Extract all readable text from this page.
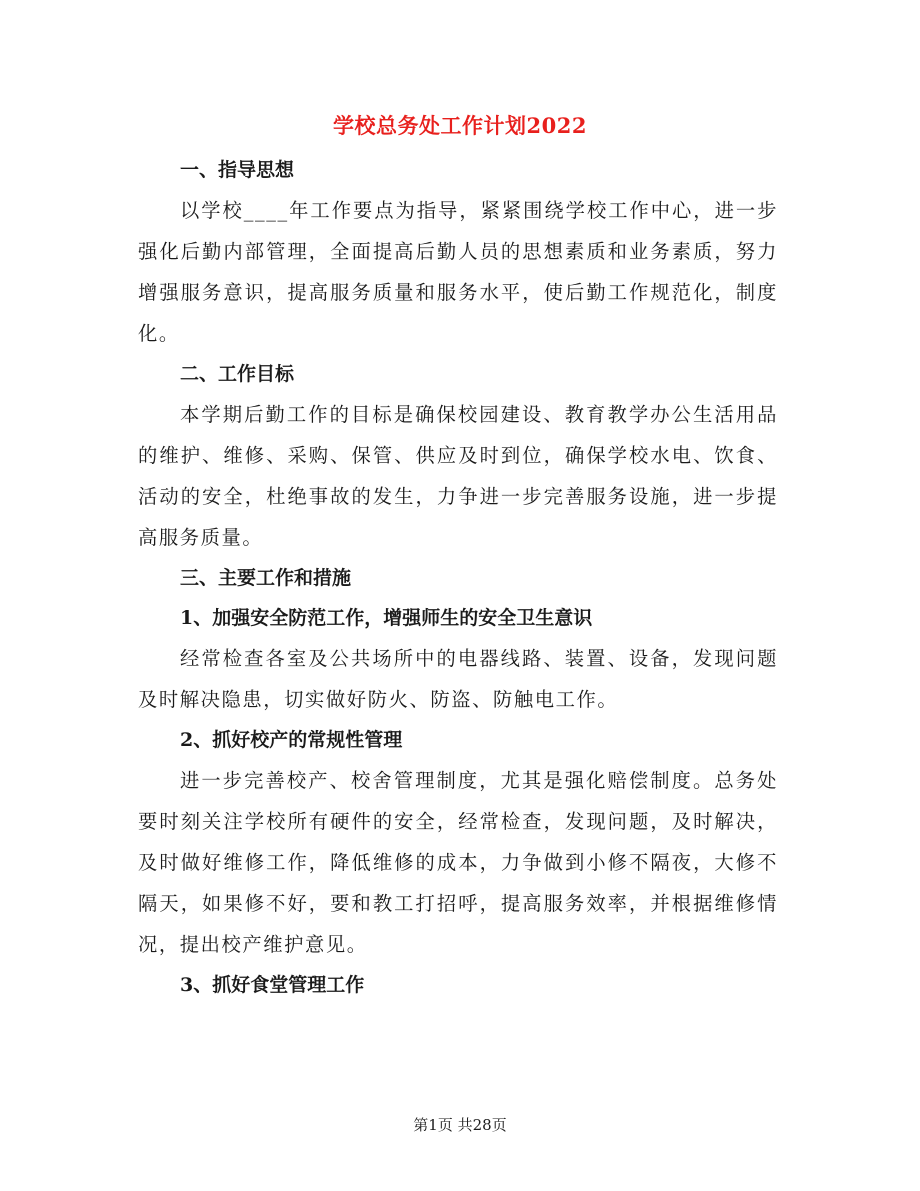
学校总务处工作计划2022

一、指导思想

以学校____年工作要点为指导，紧紧围绕学校工作中心，进一步强化后勤内部管理，全面提高后勤人员的思想素质和业务素质，努力增强服务意识，提高服务质量和服务水平，使后勤工作规范化，制度化。

二、工作目标

本学期后勤工作的目标是确保校园建设、教育教学办公生活用品的维护、维修、采购、保管、供应及时到位，确保学校水电、饮食、活动的安全，杜绝事故的发生，力争进一步完善服务设施，进一步提高服务质量。

三、主要工作和措施

1、加强安全防范工作，增强师生的安全卫生意识

经常检查各室及公共场所中的电器线路、装置、设备，发现问题及时解决隐患，切实做好防火、防盗、防触电工作。

2、抓好校产的常规性管理

进一步完善校产、校舍管理制度，尤其是强化赔偿制度。总务处要时刻关注学校所有硬件的安全，经常检查，发现问题，及时解决，及时做好维修工作，降低维修的成本，力争做到小修不隔夜，大修不隔天，如果修不好，要和教工打招呼，提高服务效率，并根据维修情况，提出校产维护意见。

3、抓好食堂管理工作

第1页 共28页
